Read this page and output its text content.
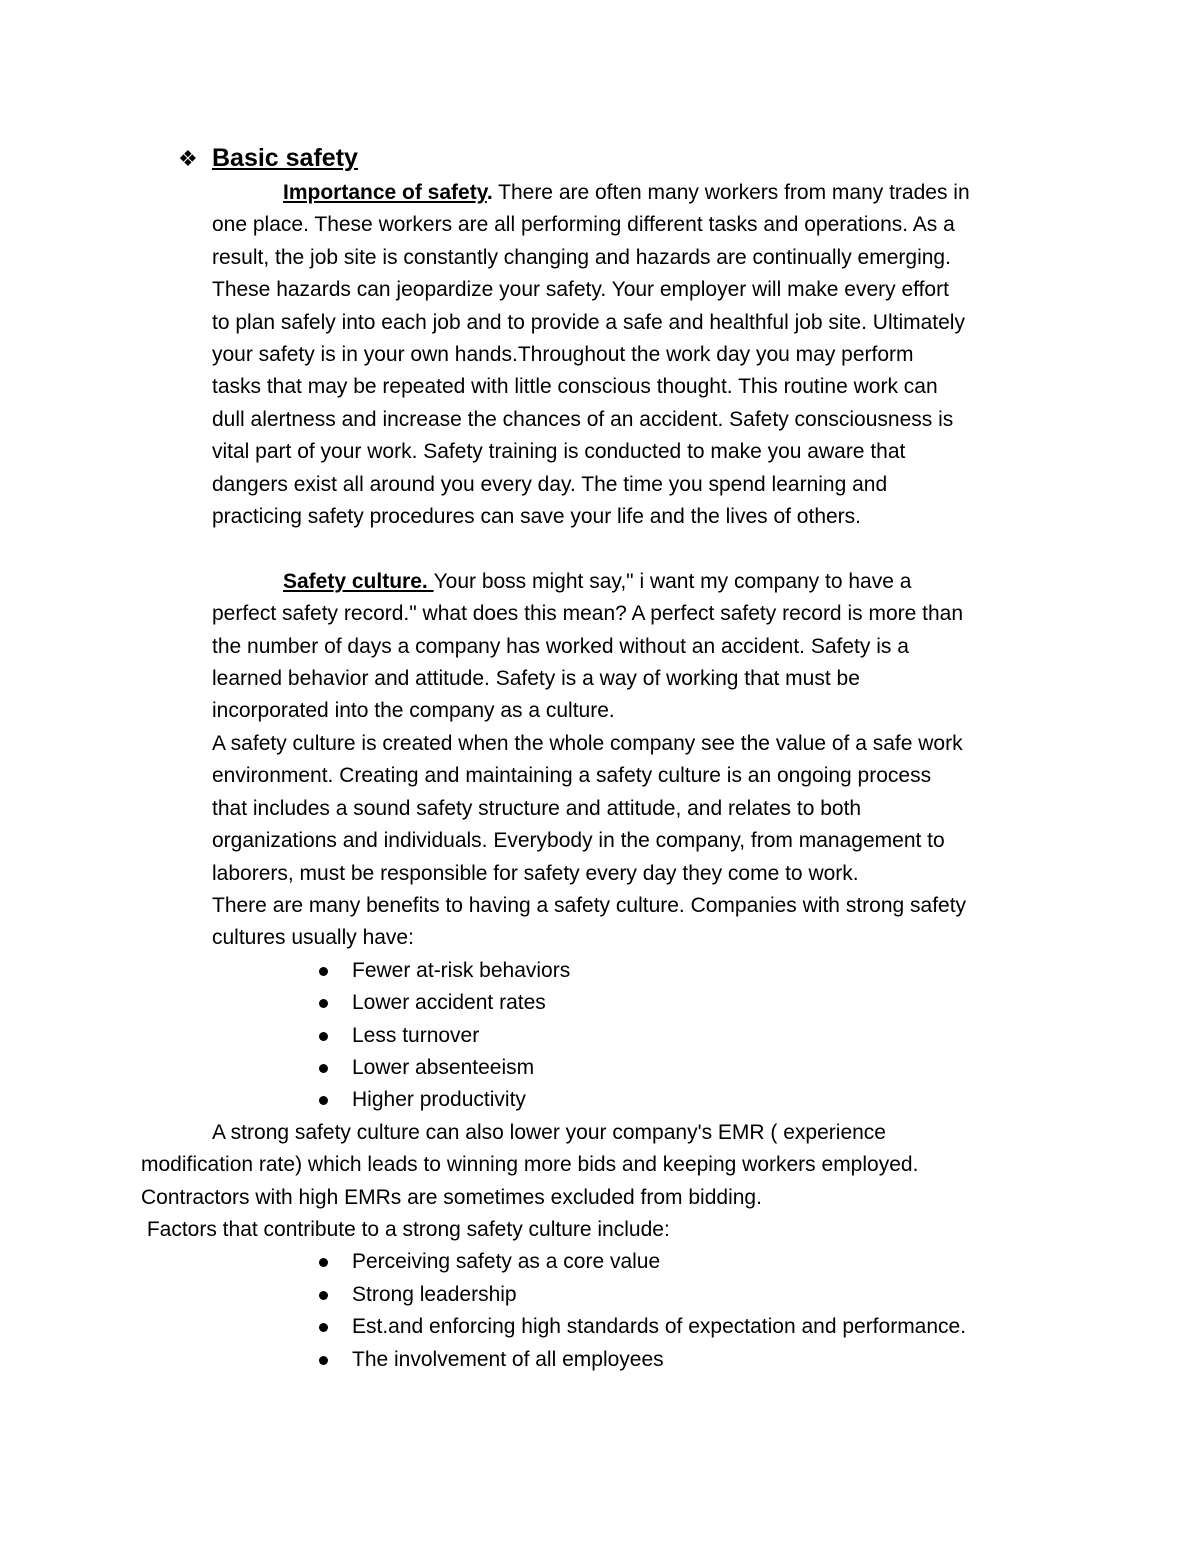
❖ Basic safety

Importance of safety. There are often many workers from many trades in
one place. These workers are all performing different tasks and operations. As a
result, the job site is constantly changing and hazards are continually emerging.
These hazards can jeopardize your safety. Your employer will make every effort
to plan safely into each job and to provide a safe and healthful job site. Ultimately
your safety is in your own hands.Throughout the work day you may perform
tasks that may be repeated with little conscious thought. This routine work can
dull alertness and increase the chances of an accident. Safety consciousness is
vital part of your work. Safety training is conducted to make you aware that
dangers exist all around you every day. The time you spend learning and
practicing safety procedures can save your life and the lives of others.

Safety culture. Your boss might say," i want my company to have a
perfect safety record." what does this mean? A perfect safety record is more than
the number of days a company has worked without an accident. Safety is a
learned behavior and attitude. Safety is a way of working that must be
incorporated into the company as a culture.

A safety culture is created when the whole company see the value of a safe work
environment. Creating and maintaining a safety culture is an ongoing process
that includes a sound safety structure and attitude, and relates to both
organizations and individuals. Everybody in the company, from management to
laborers, must be responsible for safety every day they come to work.

There are many benefits to having a safety culture. Companies with strong safety
cultures usually have:

Fewer at-risk behaviors
Lower accident rates
Less turnover
Lower absenteeism
Higher productivity

A strong safety culture can also lower your company's EMR ( experience
modification rate) which leads to winning more bids and keeping workers employed.
Contractors with high EMRs are sometimes excluded from bidding.
Factors that contribute to a strong safety culture include:

Perceiving safety as a core value
Strong leadership
Est.and enforcing high standards of expectation and performance.
The involvement of all employees
